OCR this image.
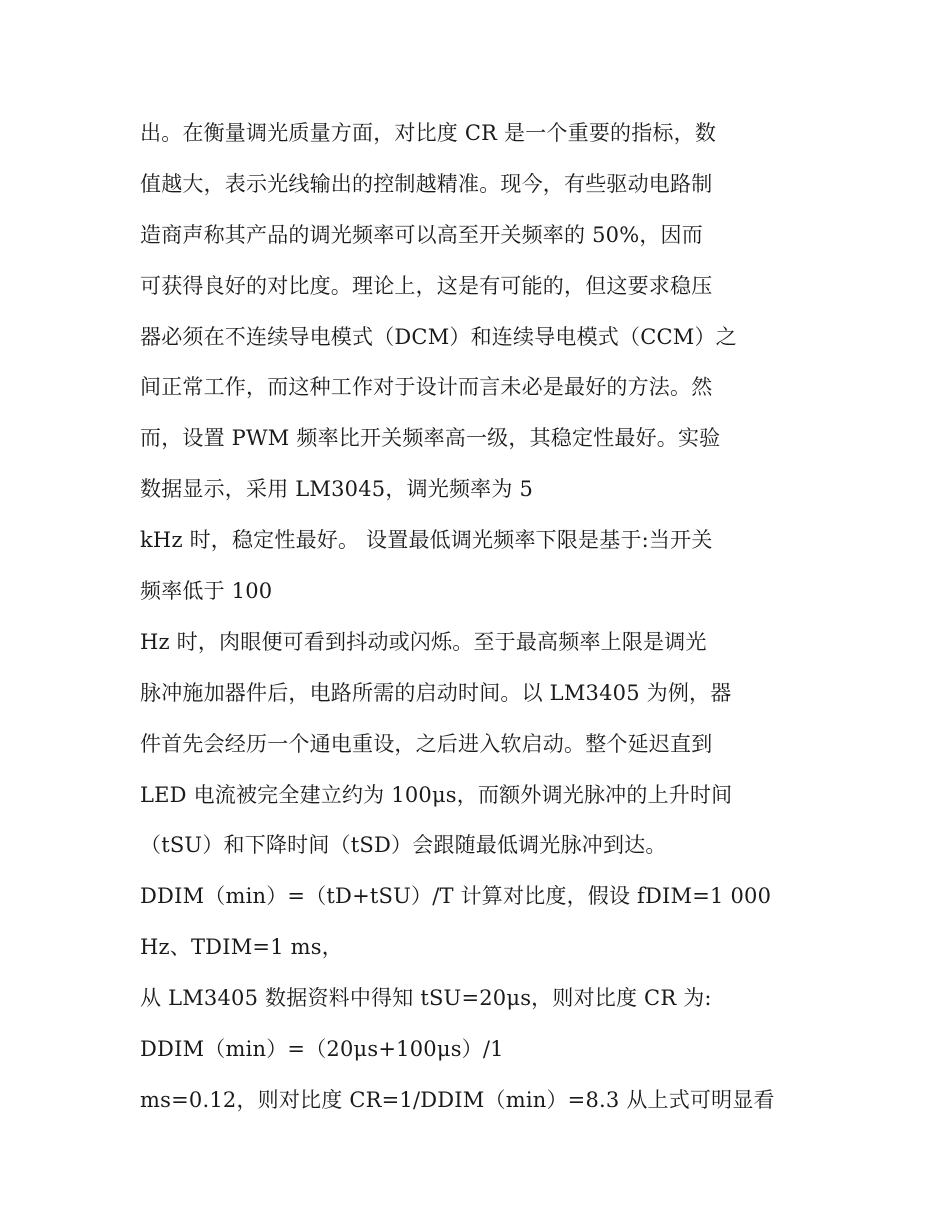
出。在衡量调光质量方面，对比度 CR 是一个重要的指标，数
值越大，表示光线输出的控制越精准。现今，有些驱动电路制
造商声称其产品的调光频率可以高至开关频率的 50%，因而
可获得良好的对比度。理论上，这是有可能的，但这要求稳压
器必须在不连续导电模式（DCM）和连续导电模式（CCM）之
间正常工作，而这种工作对于设计而言未必是最好的方法。然
而，设置 PWM 频率比开关频率高一级，其稳定性最好。实验
数据显示，采用 LM3045，调光频率为 5
kHz 时，稳定性最好。 设置最低调光频率下限是基于:当开关
频率低于 100
Hz 时，肉眼便可看到抖动或闪烁。至于最高频率上限是调光
脉冲施加器件后，电路所需的启动时间。以 LM3405 为例，器
件首先会经历一个通电重设，之后进入软启动。整个延迟直到
LED 电流被完全建立约为 100μs，而额外调光脉冲的上升时间
（tSU）和下降时间（tSD）会跟随最低调光脉冲到达。
DDIM（min）=（tD+tSU）/T 计算对比度，假设 fDIM=1 000
Hz、TDIM=1 ms，
从 LM3405 数据资料中得知 tSU=20μs，则对比度 CR 为:
DDIM（min）=（20μs+100μs）/1
ms=0.12，则对比度 CR=1/DDIM（min）=8.3 从上式可明显看
